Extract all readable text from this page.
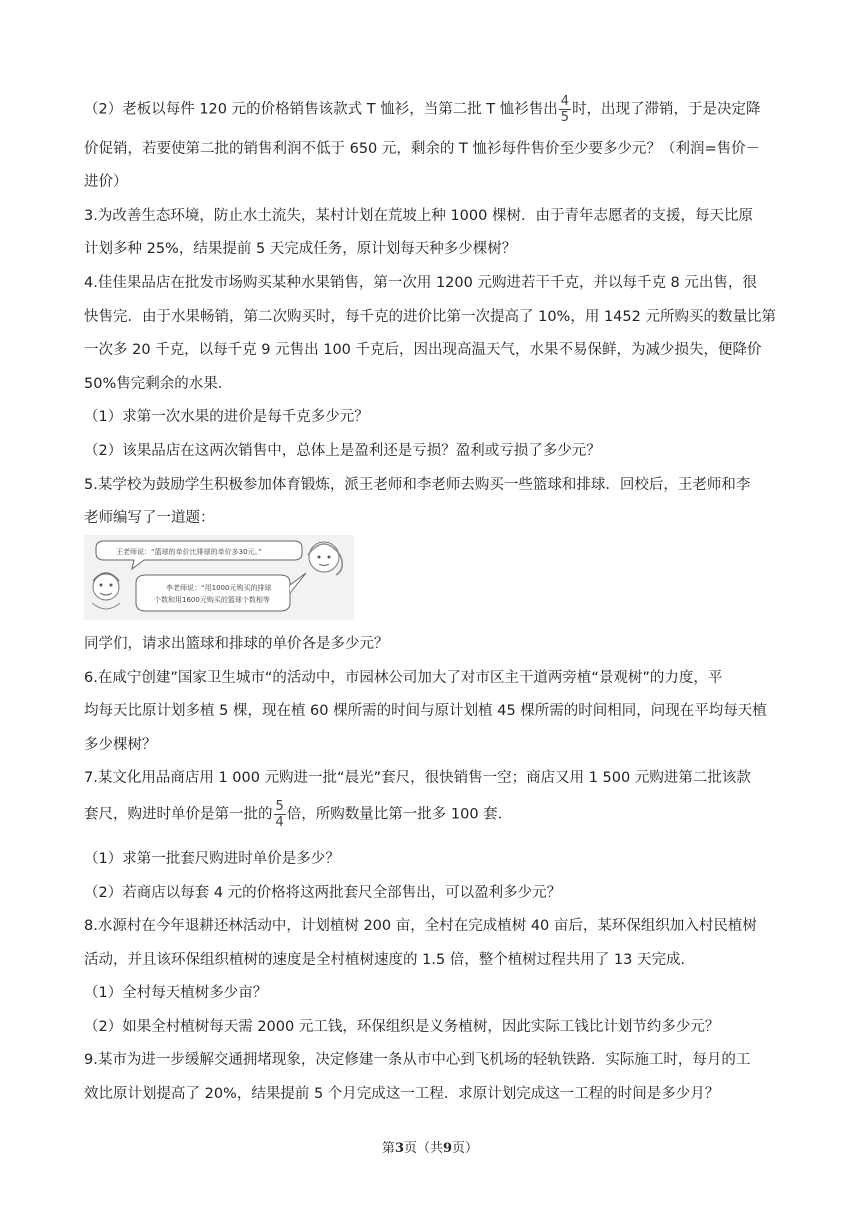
（2）老板以每件 120 元的价格销售该款式 T 恤衫，当第二批 T 恤衫售出 $\frac{4}{5}$ 时，出现了滞销，于是决定降
价促销，若要使第二批的销售利润不低于 650 元，剩余的 T 恤衫每件售价至少要多少元？（利润=售价－
进价）
3.为改善生态环境，防止水土流失，某村计划在荒坡上种 1000 棵树．由于青年志愿者的支援，每天比原
计划多种 25%，结果提前 5 天完成任务，原计划每天种多少棵树？
4.佳佳果品店在批发市场购买某种水果销售，第一次用 1200 元购进若干千克，并以每千克 8 元出售，很
快售完．由于水果畅销，第二次购买时，每千克的进价比第一次提高了 10%，用 1452 元所购买的数量比第
一次多 20 千克，以每千克 9 元售出 100 千克后，因出现高温天气，水果不易保鲜，为减少损失，便降价
50%售完剩余的水果．
（1）求第一次水果的进价是每千克多少元？
（2）该果品店在这两次销售中，总体上是盈利还是亏损？盈利或亏损了多少元？
5.某学校为鼓励学生积极参加体育锻炼，派王老师和李老师去购买一些篮球和排球．回校后，王老师和李
老师编写了一道题：
王老师说：“篮球的单价比排球的单价多30元。”
李老师说：“用1000元购买的排球
个数和用1600元购买的篮球个数相等
同学们，请求出篮球和排球的单价各是多少元？
6.在咸宁创建”国家卫生城市“的活动中，市园林公司加大了对市区主干道两旁植“景观树”的力度，平
均每天比原计划多植 5 棵，现在植 60 棵所需的时间与原计划植 45 棵所需的时间相同，问现在平均每天植
多少棵树？
7.某文化用品商店用 1 000 元购进一批“晨光”套尺，很快销售一空；商店又用 1 500 元购进第二批该款
套尺，购进时单价是第一批的 $\frac{5}{4}$ 倍，所购数量比第一批多 100 套．
（1）求第一批套尺购进时单价是多少？
（2）若商店以每套 4 元的价格将这两批套尺全部售出，可以盈利多少元？
8.水源村在今年退耕还林活动中，计划植树 200 亩，全村在完成植树 40 亩后，某环保组织加入村民植树
活动，并且该环保组织植树的速度是全村植树速度的 1.5 倍，整个植树过程共用了 13 天完成．
（1）全村每天植树多少亩？
（2）如果全村植树每天需 2000 元工钱，环保组织是义务植树，因此实际工钱比计划节约多少元？
9.某市为进一步缓解交通拥堵现象，决定修建一条从市中心到飞机场的轻轨铁路．实际施工时，每月的工
效比原计划提高了 20%，结果提前 5 个月完成这一工程．求原计划完成这一工程的时间是多少月？
第3页（共9页）
